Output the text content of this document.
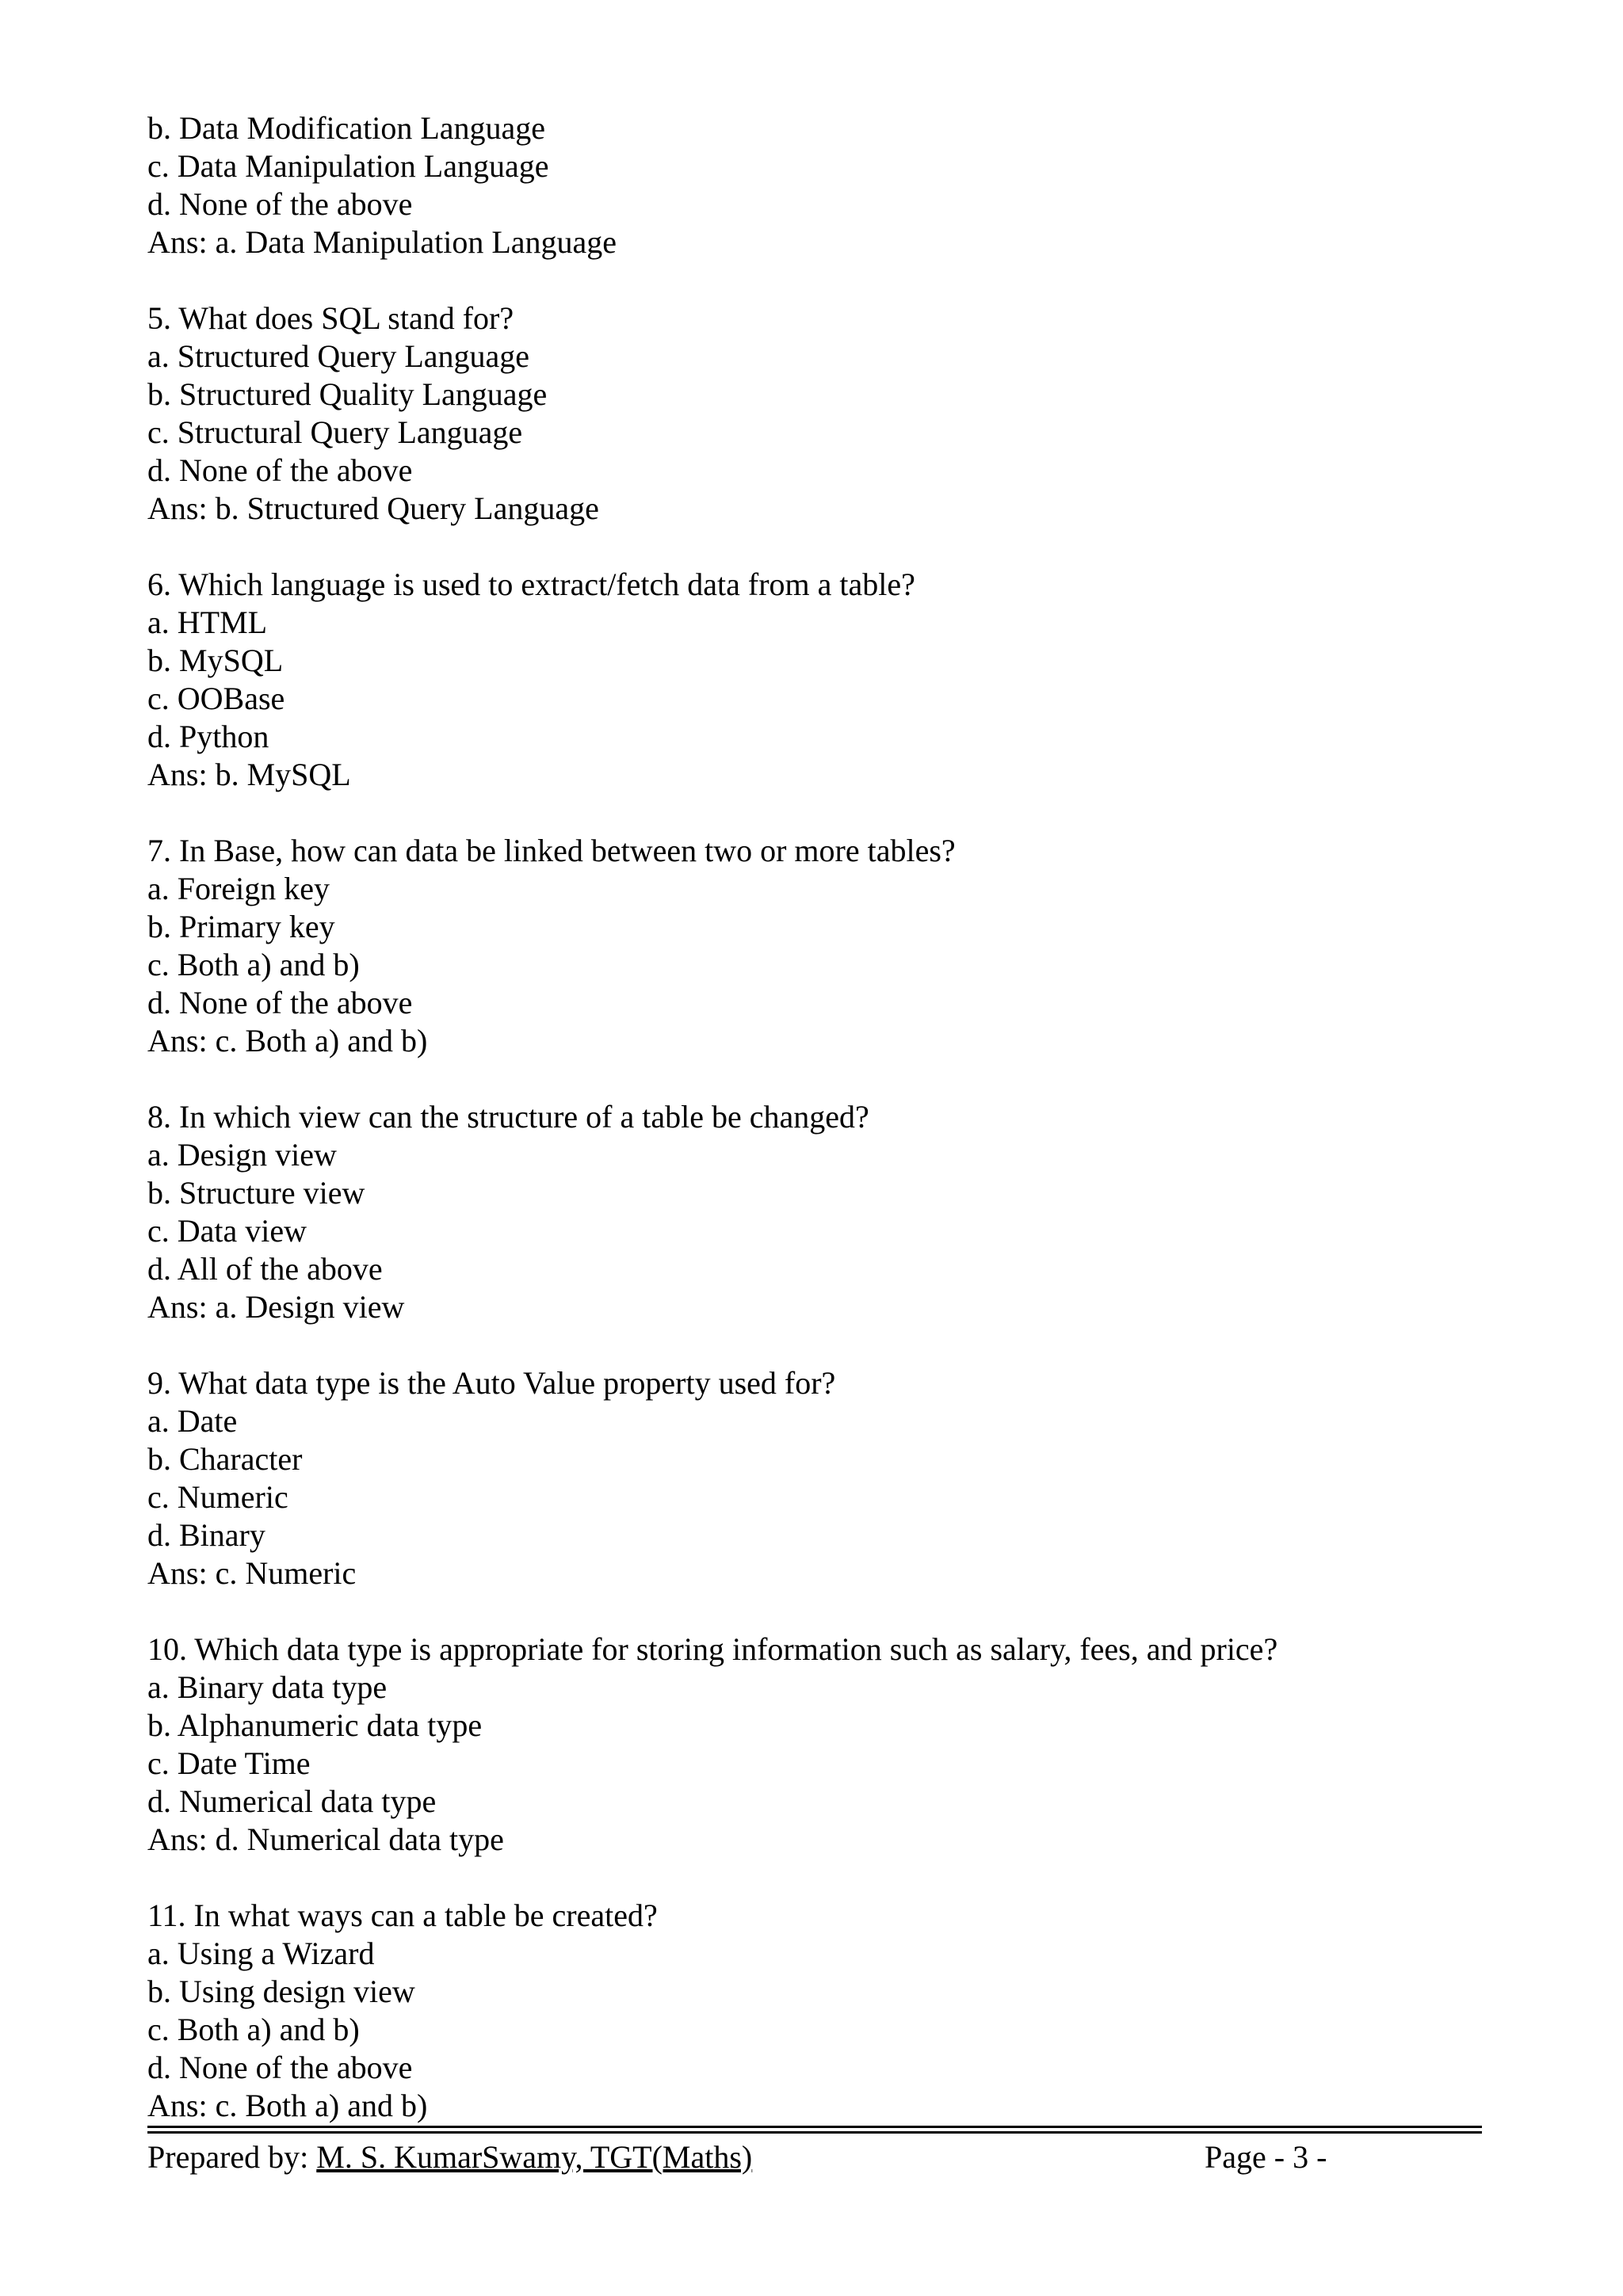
b. Data Modification Language
c. Data Manipulation Language
d. None of the above
Ans: a. Data Manipulation Language
5. What does SQL stand for?
a. Structured Query Language
b. Structured Quality Language
c. Structural Query Language
d. None of the above
Ans: b. Structured Query Language
6. Which language is used to extract/fetch data from a table?
a. HTML
b. MySQL
c. OOBase
d. Python
Ans: b. MySQL
7. In Base, how can data be linked between two or more tables?
a. Foreign key
b. Primary key
c. Both a) and b)
d. None of the above
Ans: c. Both a) and b)
8. In which view can the structure of a table be changed?
a. Design view
b. Structure view
c. Data view
d. All of the above
Ans: a. Design view
9. What data type is the Auto Value property used for?
a. Date
b. Character
c. Numeric
d. Binary
Ans: c. Numeric
10. Which data type is appropriate for storing information such as salary, fees, and price?
a. Binary data type
b. Alphanumeric data type
c. Date Time
d. Numerical data type
Ans: d. Numerical data type
11. In what ways can a table be created?
a. Using a Wizard
b. Using design view
c. Both a) and b)
d. None of the above
Ans: c. Both a) and b)
Prepared by: M. S. KumarSwamy, TGT(Maths)	Page - 3 -
